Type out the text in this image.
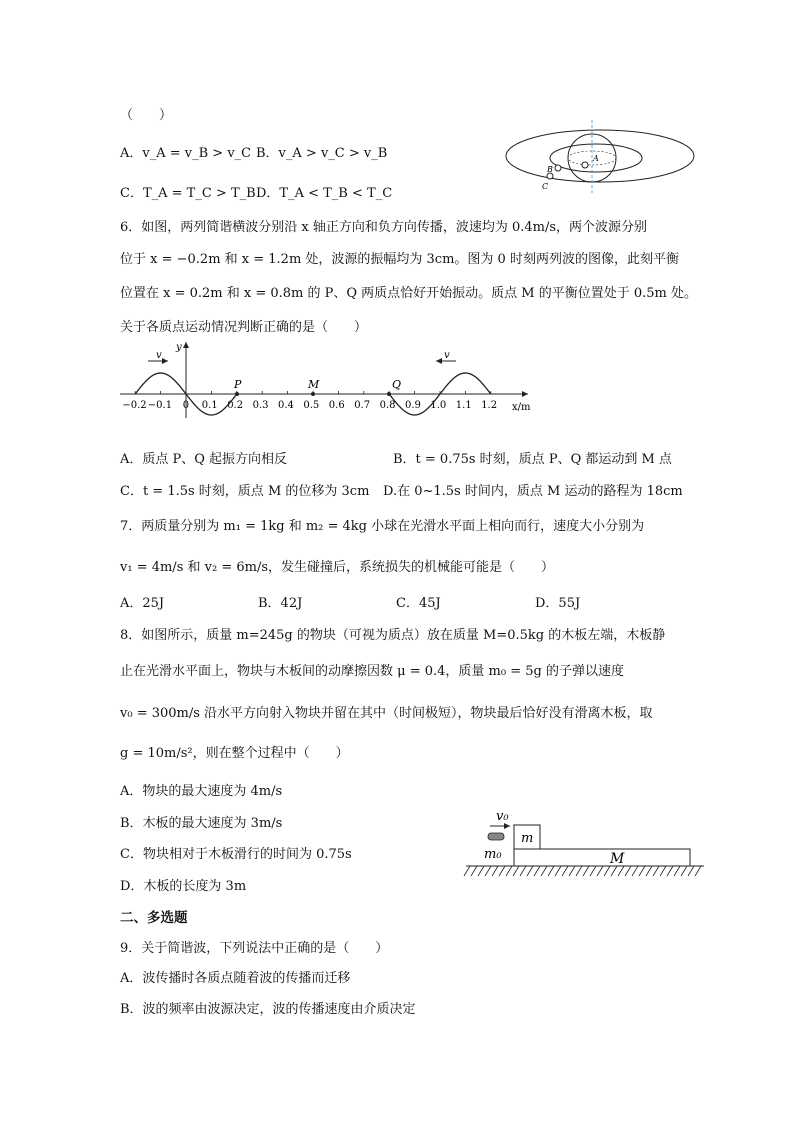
（　　）
A．v_A = v_B > v_C B．v_A > v_C > v_B
C．T_A = T_C > T_B D．T_A < T_B < T_C
A
B
C
6．如图，两列简谐横波分别沿 x 轴正方向和负方向传播，波速均为 0.4m/s，两个波源分别
位于 x = −0.2m 和 x = 1.2m 处，波源的振幅均为 3cm。图为 0 时刻两列波的图像，此刻平衡
位置在 x = 0.2m 和 x = 0.8m 的 P、Q 两质点恰好开始振动。质点 M 的平衡位置处于 0.5m 处。
关于各质点运动情况判断正确的是（　　）
y
x/m
−0.2 −0.1 0 0.1 0.2 0.3 0.4 0.5 0.6 0.7 0.8 0.9 1.0 1.1 1.2
v	v
P	M	Q
A．质点 P、Q 起振方向相反	B．t = 0.75s 时刻，质点 P、Q 都运动到 M 点
C．t = 1.5s 时刻，质点 M 的位移为 3cm D.在 0~1.5s 时间内，质点 M 运动的路程为 18cm
7．两质量分别为 m₁ = 1kg 和 m₂ = 4kg 小球在光滑水平面上相向而行，速度大小分别为
v₁ = 4m/s 和 v₂ = 6m/s，发生碰撞后，系统损失的机械能可能是（　　）
A．25J	B．42J	C．45J	D．55J
8．如图所示，质量 m=245g 的物块（可视为质点）放在质量 M=0.5kg 的木板左端，木板静
止在光滑水平面上，物块与木板间的动摩擦因数 μ = 0.4，质量 m₀ = 5g 的子弹以速度
v₀ = 300m/s 沿水平方向射入物块并留在其中（时间极短），物块最后恰好没有滑离木板，取
g = 10m/s²，则在整个过程中（　　）
A．物块的最大速度为 4m/s
B．木板的最大速度为 3m/s
C．物块相对于木板滑行的时间为 0.75s
D．木板的长度为 3m
v₀
m₀
m
M
二、多选题
9．关于简谐波，下列说法中正确的是（　　）
A．波传播时各质点随着波的传播而迁移
B．波的频率由波源决定，波的传播速度由介质决定
